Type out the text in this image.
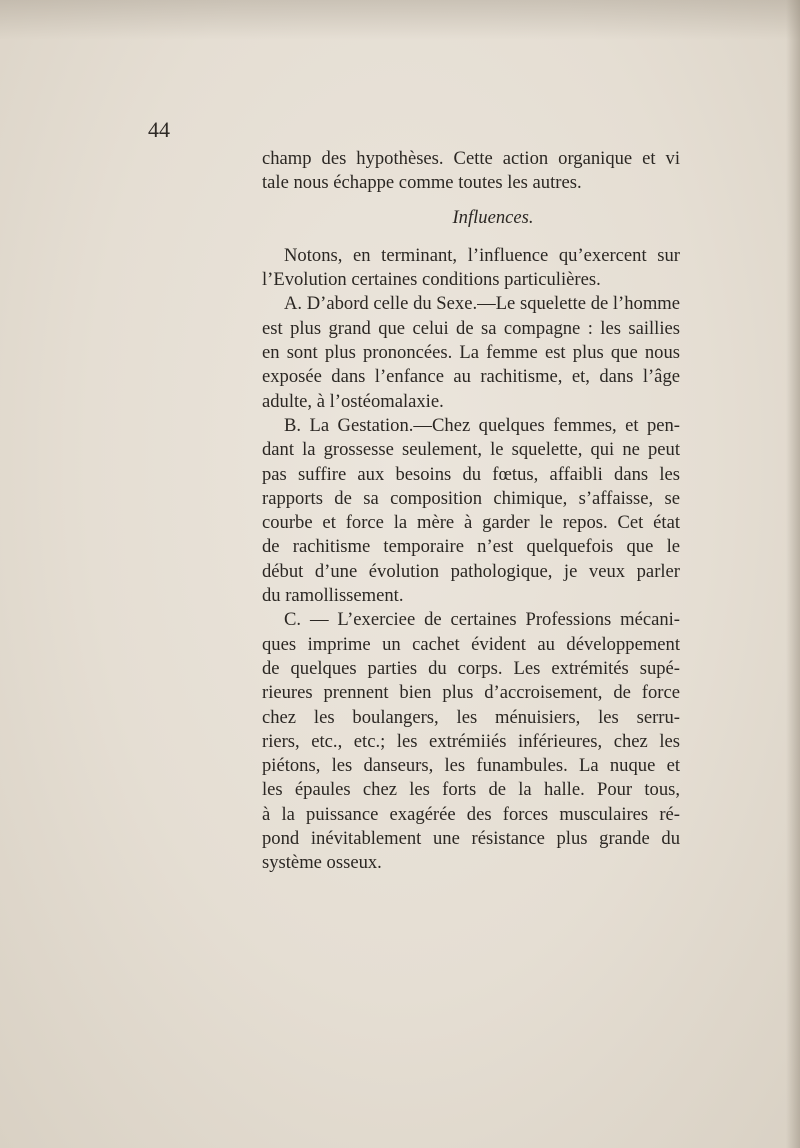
44
champ des hypothèses. Cette action organique et vi
tale nous échappe comme toutes les autres.
Influences.
Notons, en terminant, l’influence qu’exercent sur
l’Evolution certaines conditions particulières.
A. D’abord celle du Sexe.—Le squelette de l’homme
est plus grand que celui de sa compagne : les saillies
en sont plus prononcées. La femme est plus que nous
exposée dans l’enfance au rachitisme, et, dans l’âge
adulte, à l’ostéomalaxie.
B. La Gestation.—Chez quelques femmes, et pen-
dant la grossesse seulement, le squelette, qui ne peut
pas suffire aux besoins du fœtus, affaibli dans les
rapports de sa composition chimique, s’affaisse, se
courbe et force la mère à garder le repos. Cet état
de rachitisme temporaire n’est quelquefois que le
début d’une évolution pathologique, je veux parler
du ramollissement.
C. — L’exerciee de certaines Professions mécani-
ques imprime un cachet évident au développement
de quelques parties du corps. Les extrémités supé-
rieures prennent bien plus d’accroisement, de force
chez les boulangers, les ménuisiers, les serru-
riers, etc., etc.; les extrémiiés inférieures, chez les
piétons, les danseurs, les funambules. La nuque et
les épaules chez les forts de la halle. Pour tous,
à la puissance exagérée des forces musculaires ré-
pond inévitablement une résistance plus grande du
système osseux.
